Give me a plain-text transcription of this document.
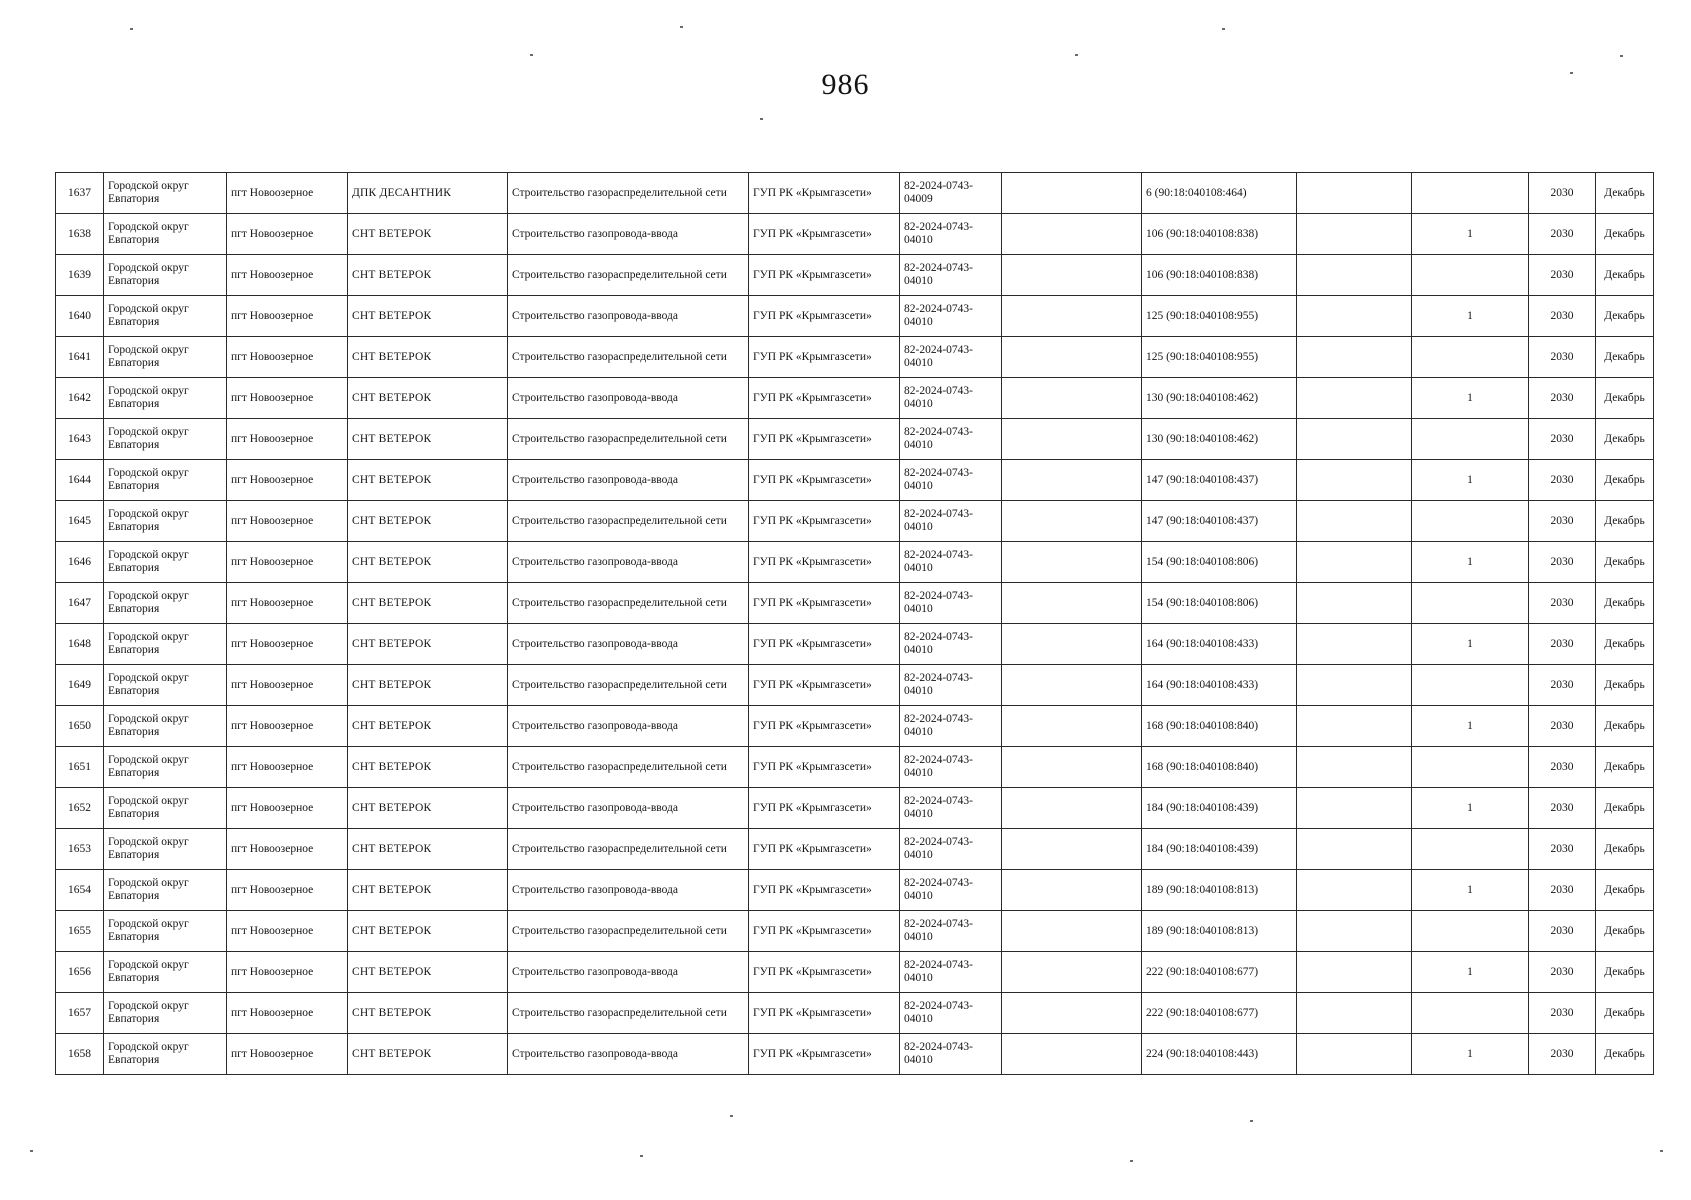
986
1637	Городской округ Евпатория	пгт Новоозерное	ДПК ДЕСАНТНИК	Строительство газораспределительной сети	ГУП РК «Крымгазсети»	82-2024-0743-04009		6 (90:18:040108:464)			2030	Декабрь
1638	Городской округ Евпатория	пгт Новоозерное	СНТ ВЕТЕРОК	Строительство газопровода-ввода	ГУП РК «Крымгазсети»	82-2024-0743-04010		106 (90:18:040108:838)		1	2030	Декабрь
1639	Городской округ Евпатория	пгт Новоозерное	СНТ ВЕТЕРОК	Строительство газораспределительной сети	ГУП РК «Крымгазсети»	82-2024-0743-04010		106 (90:18:040108:838)			2030	Декабрь
1640	Городской округ Евпатория	пгт Новоозерное	СНТ ВЕТЕРОК	Строительство газопровода-ввода	ГУП РК «Крымгазсети»	82-2024-0743-04010		125 (90:18:040108:955)		1	2030	Декабрь
1641	Городской округ Евпатория	пгт Новоозерное	СНТ ВЕТЕРОК	Строительство газораспределительной сети	ГУП РК «Крымгазсети»	82-2024-0743-04010		125 (90:18:040108:955)			2030	Декабрь
1642	Городской округ Евпатория	пгт Новоозерное	СНТ ВЕТЕРОК	Строительство газопровода-ввода	ГУП РК «Крымгазсети»	82-2024-0743-04010		130 (90:18:040108:462)		1	2030	Декабрь
1643	Городской округ Евпатория	пгт Новоозерное	СНТ ВЕТЕРОК	Строительство газораспределительной сети	ГУП РК «Крымгазсети»	82-2024-0743-04010		130 (90:18:040108:462)			2030	Декабрь
1644	Городской округ Евпатория	пгт Новоозерное	СНТ ВЕТЕРОК	Строительство газопровода-ввода	ГУП РК «Крымгазсети»	82-2024-0743-04010		147 (90:18:040108:437)		1	2030	Декабрь
1645	Городской округ Евпатория	пгт Новоозерное	СНТ ВЕТЕРОК	Строительство газораспределительной сети	ГУП РК «Крымгазсети»	82-2024-0743-04010		147 (90:18:040108:437)			2030	Декабрь
1646	Городской округ Евпатория	пгт Новоозерное	СНТ ВЕТЕРОК	Строительство газопровода-ввода	ГУП РК «Крымгазсети»	82-2024-0743-04010		154 (90:18:040108:806)		1	2030	Декабрь
1647	Городской округ Евпатория	пгт Новоозерное	СНТ ВЕТЕРОК	Строительство газораспределительной сети	ГУП РК «Крымгазсети»	82-2024-0743-04010		154 (90:18:040108:806)			2030	Декабрь
1648	Городской округ Евпатория	пгт Новоозерное	СНТ ВЕТЕРОК	Строительство газопровода-ввода	ГУП РК «Крымгазсети»	82-2024-0743-04010		164 (90:18:040108:433)		1	2030	Декабрь
1649	Городской округ Евпатория	пгт Новоозерное	СНТ ВЕТЕРОК	Строительство газораспределительной сети	ГУП РК «Крымгазсети»	82-2024-0743-04010		164 (90:18:040108:433)			2030	Декабрь
1650	Городской округ Евпатория	пгт Новоозерное	СНТ ВЕТЕРОК	Строительство газопровода-ввода	ГУП РК «Крымгазсети»	82-2024-0743-04010		168 (90:18:040108:840)		1	2030	Декабрь
1651	Городской округ Евпатория	пгт Новоозерное	СНТ ВЕТЕРОК	Строительство газораспределительной сети	ГУП РК «Крымгазсети»	82-2024-0743-04010		168 (90:18:040108:840)			2030	Декабрь
1652	Городской округ Евпатория	пгт Новоозерное	СНТ ВЕТЕРОК	Строительство газопровода-ввода	ГУП РК «Крымгазсети»	82-2024-0743-04010		184 (90:18:040108:439)		1	2030	Декабрь
1653	Городской округ Евпатория	пгт Новоозерное	СНТ ВЕТЕРОК	Строительство газораспределительной сети	ГУП РК «Крымгазсети»	82-2024-0743-04010		184 (90:18:040108:439)			2030	Декабрь
1654	Городской округ Евпатория	пгт Новоозерное	СНТ ВЕТЕРОК	Строительство газопровода-ввода	ГУП РК «Крымгазсети»	82-2024-0743-04010		189 (90:18:040108:813)		1	2030	Декабрь
1655	Городской округ Евпатория	пгт Новоозерное	СНТ ВЕТЕРОК	Строительство газораспределительной сети	ГУП РК «Крымгазсети»	82-2024-0743-04010		189 (90:18:040108:813)			2030	Декабрь
1656	Городской округ Евпатория	пгт Новоозерное	СНТ ВЕТЕРОК	Строительство газопровода-ввода	ГУП РК «Крымгазсети»	82-2024-0743-04010		222 (90:18:040108:677)		1	2030	Декабрь
1657	Городской округ Евпатория	пгт Новоозерное	СНТ ВЕТЕРОК	Строительство газораспределительной сети	ГУП РК «Крымгазсети»	82-2024-0743-04010		222 (90:18:040108:677)			2030	Декабрь
1658	Городской округ Евпатория	пгт Новоозерное	СНТ ВЕТЕРОК	Строительство газопровода-ввода	ГУП РК «Крымгазсети»	82-2024-0743-04010		224 (90:18:040108:443)		1	2030	Декабрь
